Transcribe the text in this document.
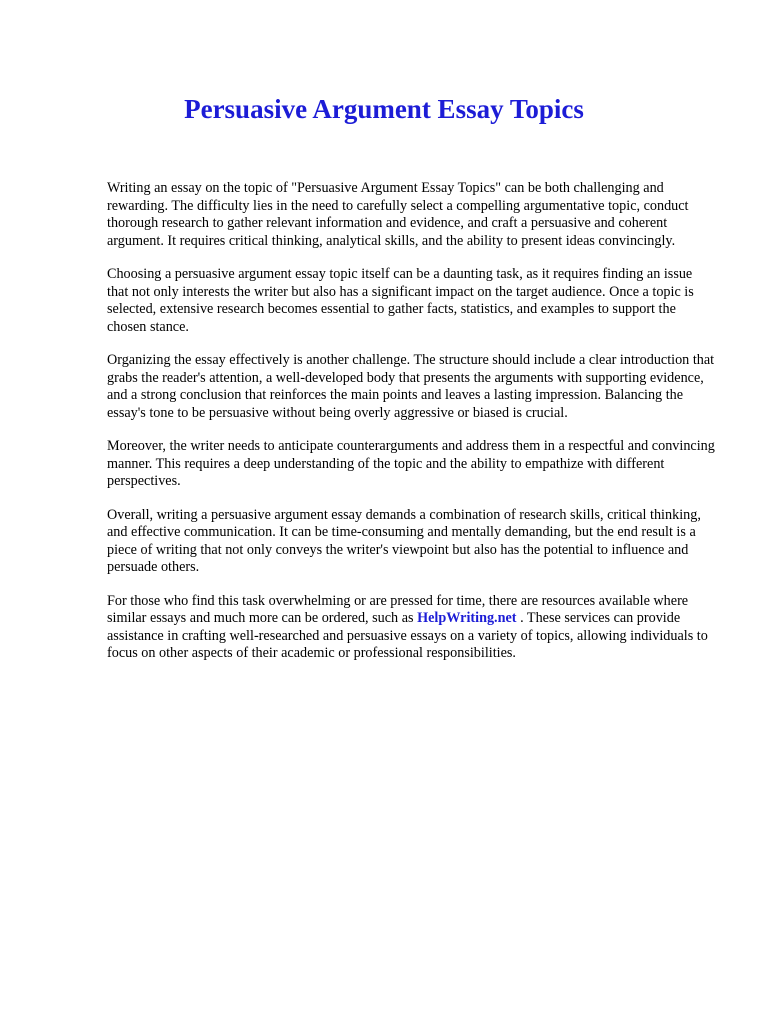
Persuasive Argument Essay Topics

Writing an essay on the topic of "Persuasive Argument Essay Topics" can be both challenging and rewarding. The difficulty lies in the need to carefully select a compelling argumentative topic, conduct thorough research to gather relevant information and evidence, and craft a persuasive and coherent argument. It requires critical thinking, analytical skills, and the ability to present ideas convincingly.

Choosing a persuasive argument essay topic itself can be a daunting task, as it requires finding an issue that not only interests the writer but also has a significant impact on the target audience. Once a topic is selected, extensive research becomes essential to gather facts, statistics, and examples to support the chosen stance.

Organizing the essay effectively is another challenge. The structure should include a clear introduction that grabs the reader's attention, a well-developed body that presents the arguments with supporting evidence, and a strong conclusion that reinforces the main points and leaves a lasting impression. Balancing the essay's tone to be persuasive without being overly aggressive or biased is crucial.

Moreover, the writer needs to anticipate counterarguments and address them in a respectful and convincing manner. This requires a deep understanding of the topic and the ability to empathize with different perspectives.

Overall, writing a persuasive argument essay demands a combination of research skills, critical thinking, and effective communication. It can be time-consuming and mentally demanding, but the end result is a piece of writing that not only conveys the writer's viewpoint but also has the potential to influence and persuade others.

For those who find this task overwhelming or are pressed for time, there are resources available where similar essays and much more can be ordered, such as HelpWriting.net . These services can provide assistance in crafting well-researched and persuasive essays on a variety of topics, allowing individuals to focus on other aspects of their academic or professional responsibilities.
